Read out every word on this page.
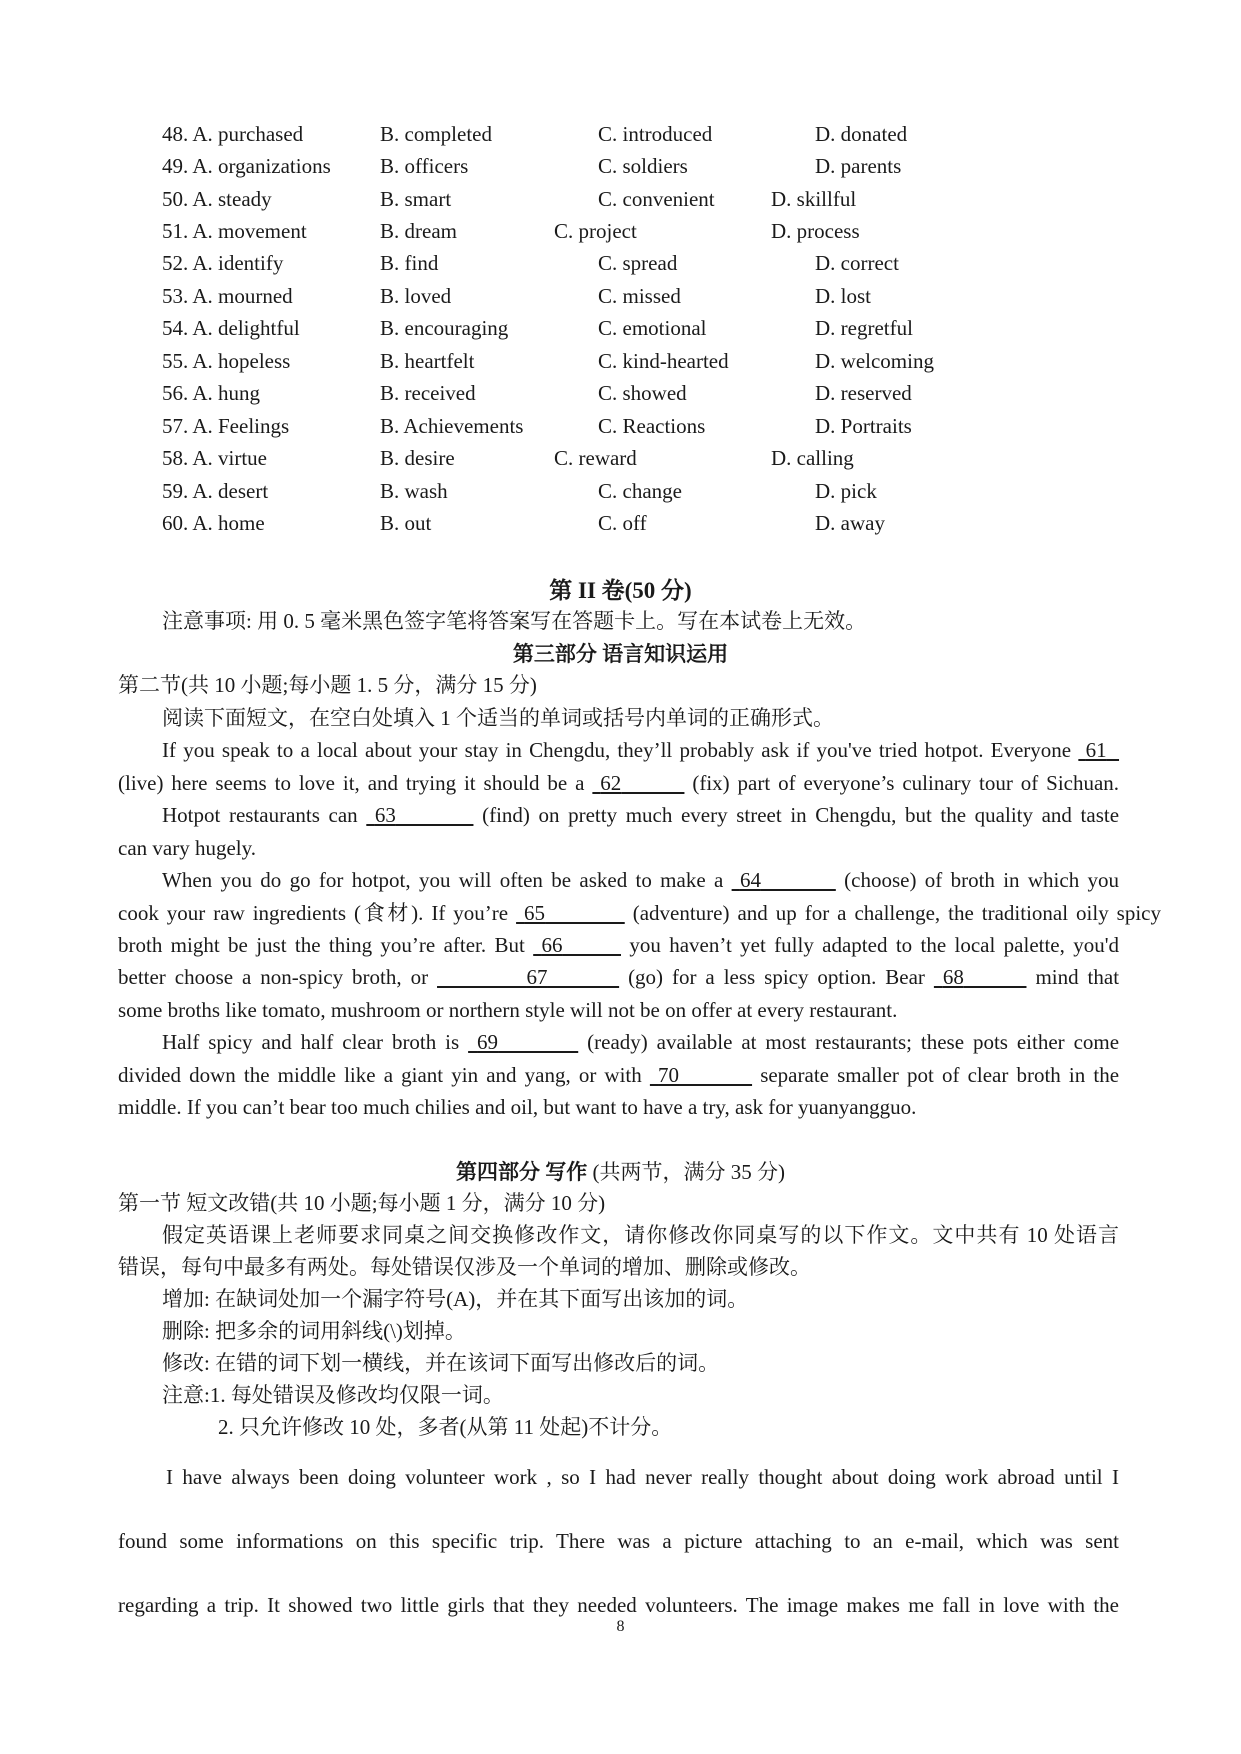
48. A. purchased	B. completed	C. introduced	D. donated
49. A. organizations B. officers	C. soldiers	D. parents
50. A. steady	B. smart	C. convenient	D. skillful
51. A. movement	B. dream	C. project	D. process
52. A. identify	B. find	C. spread	D. correct
53. A. mourned	B. loved	C. missed	D. lost
54. A. delightful	B. encouraging	C. emotional	D. regretful
55. A. hopeless	B. heartfelt	C. kind-hearted	D. welcoming
56. A. hung	B. received	C. showed	D. reserved
57. A. Feelings	B. Achievements	C. Reactions	D. Portraits
58. A. virtue	B. desire	C. reward	D. calling
59. A. desert	B. wash	C. change	D. pick
60. A. home	B. out	C. off	D. away
第 II 卷(50 分)
注意事项: 用 0. 5 毫米黑色签字笔将答案写在答题卡上。写在本试卷上无效。
第三部分 语言知识运用
第二节(共 10 小题;每小题 1. 5 分，满分 15 分)
阅读下面短文，在空白处填入 1 个适当的单词或括号内单词的正确形式。
If you speak to a local about your stay in Chengdu, they’ll probably ask if you've tried hotpot. Everyone 61
(live) here seems to love it, and trying it should be a 62	(fix) part of everyone’s culinary tour of Sichuan.
Hotpot restaurants can 63	(find) on pretty much every street in Chengdu, but the quality and taste
can vary hugely.
When you do go for hotpot, you will often be asked to make a 64	(choose) of broth in which you
cook your raw ingredients (食材). If you’re 65	(adventure) and up for a challenge, the traditional oily spicy
broth might be just the thing you’re after. But 66	you haven’t yet fully adapted to the local palette, you'd
better choose a non-spicy broth, or	67	(go) for a less spicy option. Bear 68	mind that
some broths like tomato, mushroom or northern style will not be on offer at every restaurant.
Half spicy and half clear broth is 69	(ready) available at most restaurants; these pots either come
divided down the middle like a giant yin and yang, or with 70	separate smaller pot of clear broth in the
middle. If you can’t bear too much chilies and oil, but want to have a try, ask for yuanyangguo.
第四部分 写作 (共两节，满分 35 分)
第一节 短文改错(共 10 小题;每小题 1 分，满分 10 分)
假定英语课上老师要求同桌之间交换修改作文，请你修改你同桌写的以下作文。文中共有 10 处语言
错误，每句中最多有两处。每处错误仅涉及一个单词的增加、删除或修改。
增加: 在缺词处加一个漏字符号(A)，并在其下面写出该加的词。
删除: 把多余的词用斜线(\)划掉。
修改: 在错的词下划一横线，并在该词下面写出修改后的词。
注意:1. 每处错误及修改均仅限一词。
2. 只允许修改 10 处，多者(从第 11 处起)不计分。
I have always been doing volunteer work , so I had never really thought about doing work abroad until I
found some informations on this specific trip. There was a picture attaching to an e-mail, which was sent
regarding a trip. It showed two little girls that they needed volunteers. The image makes me fall in love with the
8
